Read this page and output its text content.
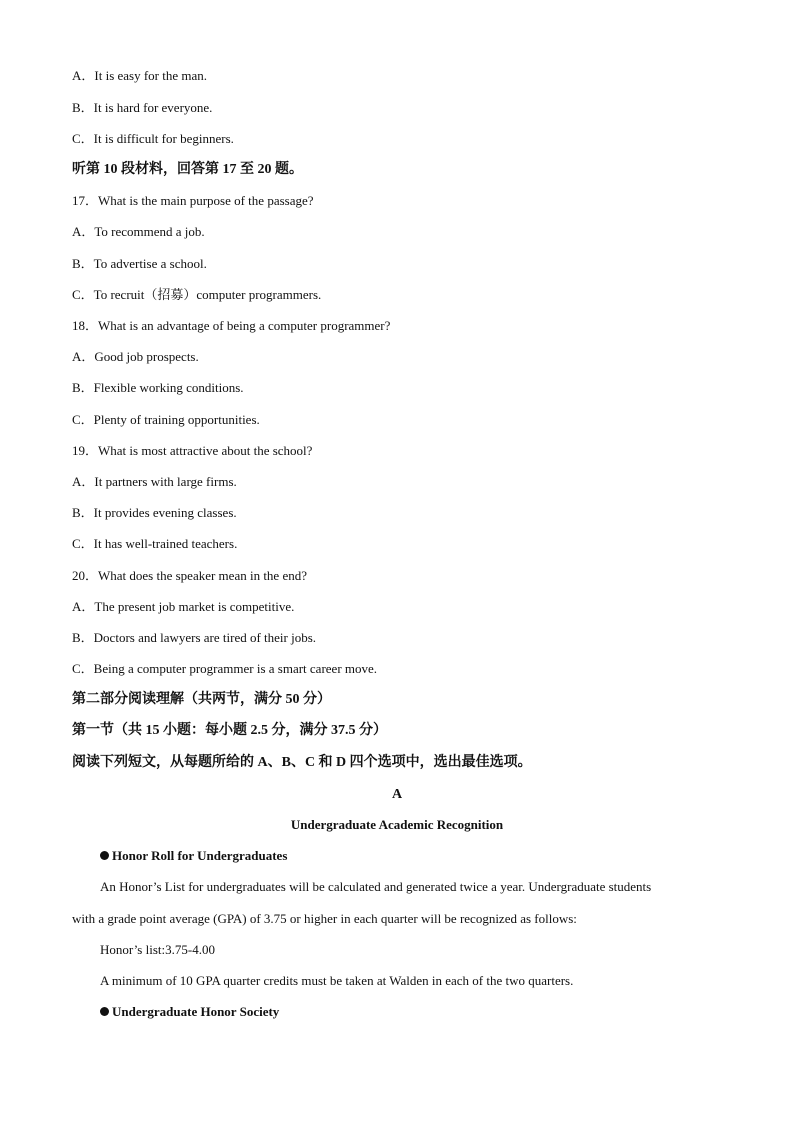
A．It is easy for the man.
B．It is hard for everyone.
C．It is difficult for beginners.
听第 10 段材料，回答第 17 至 20 题。
17．What is the main purpose of the passage?
A．To recommend a job.
B．To advertise a school.
C．To recruit（招募）computer programmers.
18．What is an advantage of being a computer programmer?
A．Good job prospects.
B．Flexible working conditions.
C．Plenty of training opportunities.
19．What is most attractive about the school?
A．It partners with large firms.
B．It provides evening classes.
C．It has well-trained teachers.
20．What does the speaker mean in the end?
A．The present job market is competitive.
B．Doctors and lawyers are tired of their jobs.
C．Being a computer programmer is a smart career move.
第二部分阅读理解（共两节，满分 50 分）
第一节（共 15 小题：每小题 2.5 分，满分 37.5 分）
阅读下列短文，从每题所给的 A、B、C 和 D 四个选项中，选出最佳选项。
A
Undergraduate Academic Recognition
Honor Roll for Undergraduates
An Honor’s List for undergraduates will be calculated and generated twice a year. Undergraduate students
with a grade point average (GPA) of 3.75 or higher in each quarter will be recognized as follows:
Honor’s list:3.75-4.00
A minimum of 10 GPA quarter credits must be taken at Walden in each of the two quarters.
Undergraduate Honor Society
